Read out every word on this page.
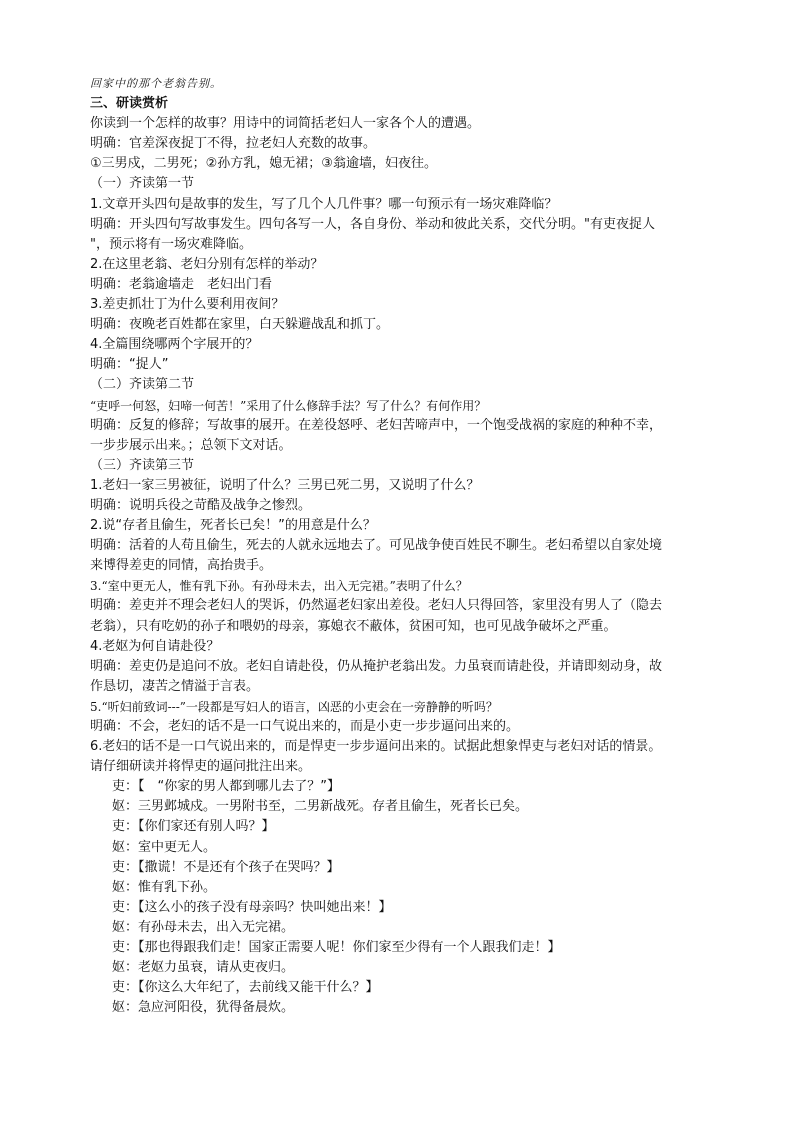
回家中的那个老翁告别。
三、研读赏析
你读到一个怎样的故事？用诗中的词简括老妇人一家各个人的遭遇。
明确：官差深夜捉丁不得，拉老妇人充数的故事。
①三男戍，二男死；②孙方乳，媳无裙；③翁逾墙，妇夜往。
（一）齐读第一节
1.文章开头四句是故事的发生，写了几个人几件事？哪一句预示有一场灾难降临？
明确：开头四句写故事发生。四句各写一人，各自身份、举动和彼此关系，交代分明。"有吏夜捉人
"，预示将有一场灾难降临。
2.在这里老翁、老妇分别有怎样的举动？
明确：老翁逾墙走　老妇出门看
3.差吏抓壮丁为什么要利用夜间？
明确：夜晚老百姓都在家里，白天躲避战乱和抓丁。
4.全篇围绕哪两个字展开的？
明确：“捉人”
（二）齐读第二节
“吏呼一何怒，妇啼一何苦！”采用了什么修辞手法？写了什么？有何作用？
明确：反复的修辞；写故事的展开。在差役怒呼、老妇苦啼声中，一个饱受战祸的家庭的种种不幸，
一步步展示出来。；总领下文对话。
（三）齐读第三节
1.老妇一家三男被征，说明了什么？三男已死二男，又说明了什么？
明确：说明兵役之苛酷及战争之惨烈。
2.说“存者且偷生，死者长已矣！”的用意是什么？
明确：活着的人苟且偷生，死去的人就永远地去了。可见战争使百姓民不聊生。老妇希望以自家处境
来博得差吏的同情，高抬贵手。
3.“室中更无人，惟有乳下孙。有孙母未去，出入无完裙。”表明了什么？
明确：差吏并不理会老妇人的哭诉，仍然逼老妇家出差役。老妇人只得回答，家里没有男人了（隐去
老翁），只有吃奶的孙子和喂奶的母亲，寡媳衣不蔽体，贫困可知，也可见战争破坏之严重。
4.老妪为何自请赴役？
明确：差吏仍是追问不放。老妇自请赴役，仍从掩护老翁出发。力虽衰而请赴役，并请即刻动身，故
作恳切，凄苦之情溢于言表。
5.“听妇前致词---”一段都是写妇人的语言，凶恶的小吏会在一旁静静的听吗？
明确：不会，老妇的话不是一口气说出来的，而是小吏一步步逼问出来的。
6.老妇的话不是一口气说出来的，而是悍吏一步步逼问出来的。试据此想象悍吏与老妇对话的情景。
请仔细研读并将悍吏的逼问批注出来。
吏：【　“你家的男人都到哪儿去了？”】
妪：三男邺城戍。一男附书至，二男新战死。存者且偷生，死者长已矣。
吏：【你们家还有别人吗？】
妪：室中更无人。
吏：【撒谎！不是还有个孩子在哭吗？】
妪：惟有乳下孙。
吏：【这么小的孩子没有母亲吗？快叫她出来！】
妪：有孙母未去，出入无完裙。
吏：【那也得跟我们走！国家正需要人呢！你们家至少得有一个人跟我们走！】
妪：老妪力虽衰，请从吏夜归。
吏：【你这么大年纪了，去前线又能干什么？】
妪：急应河阳役，犹得备晨炊。
